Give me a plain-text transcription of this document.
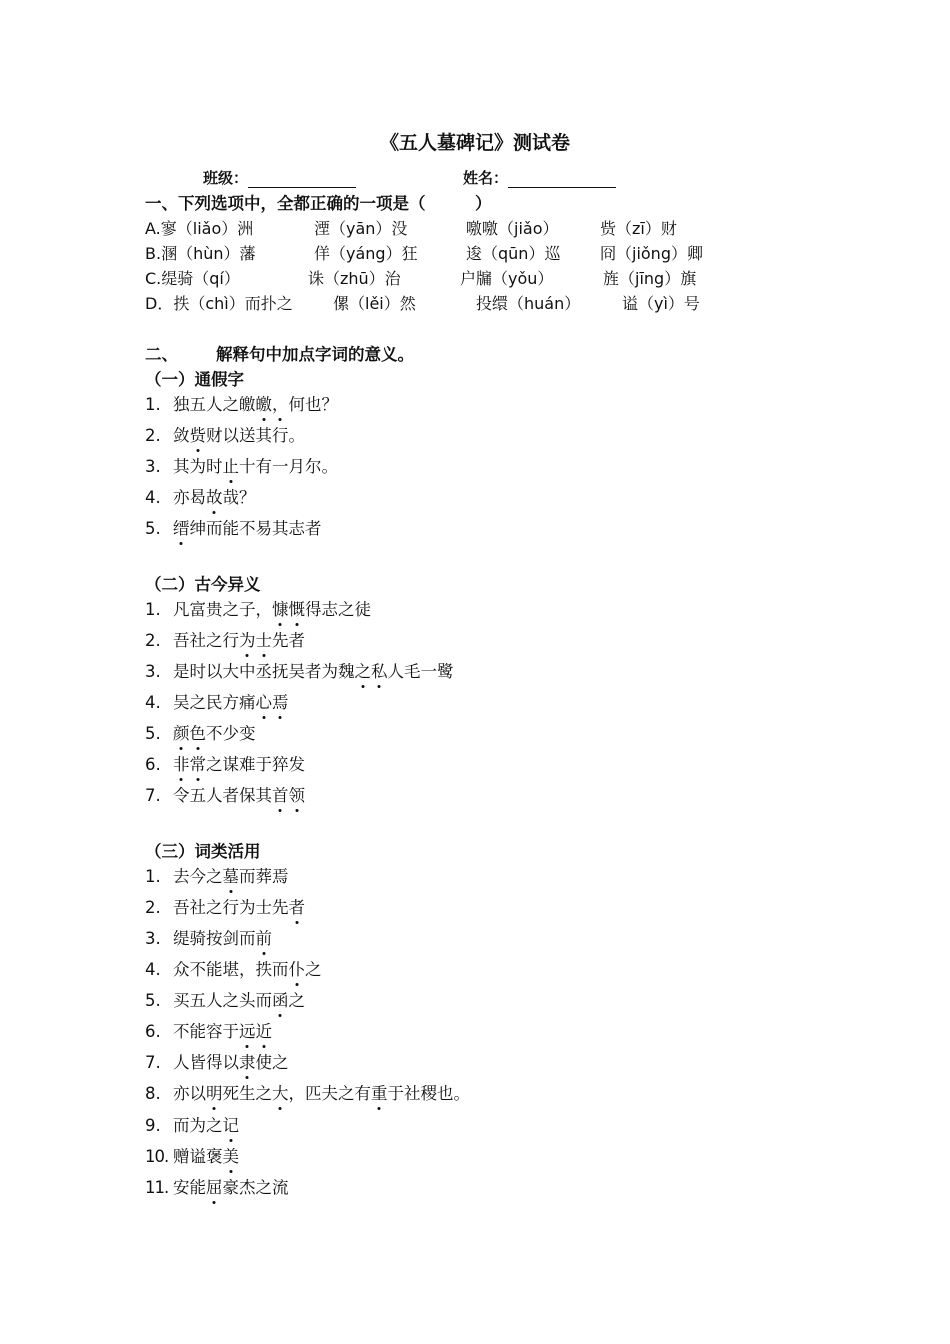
《五人墓碑记》测试卷
班级：	姓名：
一、下列选项中，全都正确的一项是（　　　）
A.寥（liǎo）洲	湮（yān）没	噭噭（jiǎo）	赀（zī）财
B.溷（hùn）藩	佯（yáng）狂	逡（qūn）巡 冏（jiǒng）卿
C.缇骑（qí）	诛（zhū）治	户牖（yǒu）	旌（jīng）旗
D．抶（chì）而扑之	傫（lěi）然	投缳（huán）	谥（yì）号
二、 解释句中加点字词的意义。
（一）通假字
1. 独五人之皦皦，何也？
2. 敛赀财以送其行。
3. 其为时止十有一月尔。
4. 亦曷故哉？
5. 缙绅而能不易其志者
（二）古今异义
1. 凡富贵之子，慷慨得志之徒
2. 吾社之行为士先者
3. 是时以大中丞抚吴者为魏之私人毛一鹭
4. 吴之民方痛心焉
5. 颜色不少变
6. 非常之谋难于猝发
7. 令五人者保其首领
（三）词类活用
1. 去今之墓而葬焉
2. 吾社之行为士先者
3. 缇骑按剑而前
4. 众不能堪，抶而仆之
5. 买五人之头而函之
6. 不能容于远近
7. 人皆得以隶使之
8. 亦以明死生之大，匹夫之有重于社稷也。
9. 而为之记
10. 赠谥褒美
11. 安能屈豪杰之流
